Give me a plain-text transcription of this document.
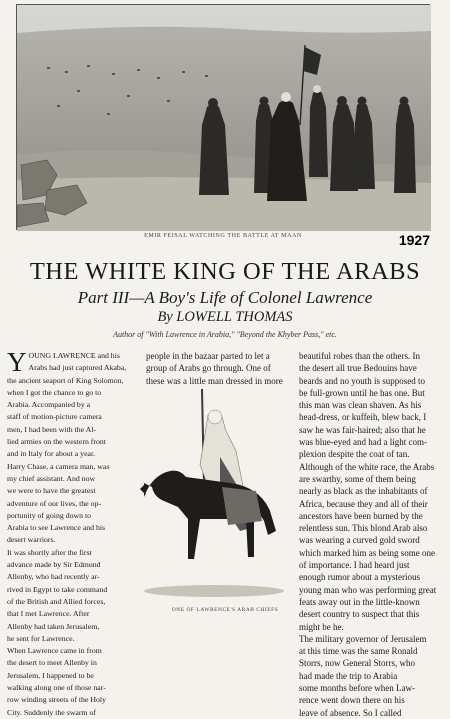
EMIR FEISAL WATCHING THE BATTLE AT MAAN	1927
THE WHITE KING OF THE ARABS
Part III—A Boy's Life of Colonel Lawrence
By LOWELL THOMAS
Author of "With Lawrence in Arabia," "Beyond the Khyber Pass," etc.
Y OUNG LAWRENCE and his
Arabs had just captured Akaba,
the ancient seaport of King Solomon,
when I got the chance to go to
Arabia. Accompanied by a
staff of motion-picture camera
men, I had been with the Al-
lied armies on the western front
and in Italy for about a year.
Harry Chase, a camera man, was
my chief assistant. And now
we were to have the greatest
adventure of our lives, the op-
portunity of going down to
Arabia to see Lawrence and his
desert warriors.
It was shortly after the first
advance made by Sir Edmund
Allenby, who had recently ar-
rived in Egypt to take command
of the British and Allied forces,
that I met Lawrence. After
Allenby had taken Jerusalem,
he sent for Lawrence.
When Lawrence came in from
the desert to meet Allenby in
Jerusalem, I happened to be
walking along one of those nar-
row winding streets of the Holy
City. Suddenly the swarm of
people in the bazaar parted to let a
group of Arabs go through. One of
these was a little man dressed in more
ONE OF LAWRENCE'S ARAB CHIEFS
beautiful robes than the others. In
the desert all true Bedouins have
beards and no youth is supposed to
be full-grown until he has one. But
this man was clean shaven. As his
head-dress, or kuffeih, blew back, I
saw he was fair-haired; also that he
was blue-eyed and had a light com-
plexion despite the coat of tan.
Although of the white race, the Arabs
are swarthy, some of them being
nearly as black as the inhabitants of
Africa, because they and all of their
ancestors have been burned by the
relentless sun. This blond Arab also
was wearing a curved gold sword
which marked him as being some one
of importance. I had heard just
enough rumor about a mysterious
young man who was performing great
feats away out in the little-known
desert country to suspect that this
might be he.
The military governor of Jerusalem
at this time was the same Ronald
Storrs, now General Storrs, who
had made the trip to Arabia
some months before when Law-
rence went down there on his
leave of absence. So I called
